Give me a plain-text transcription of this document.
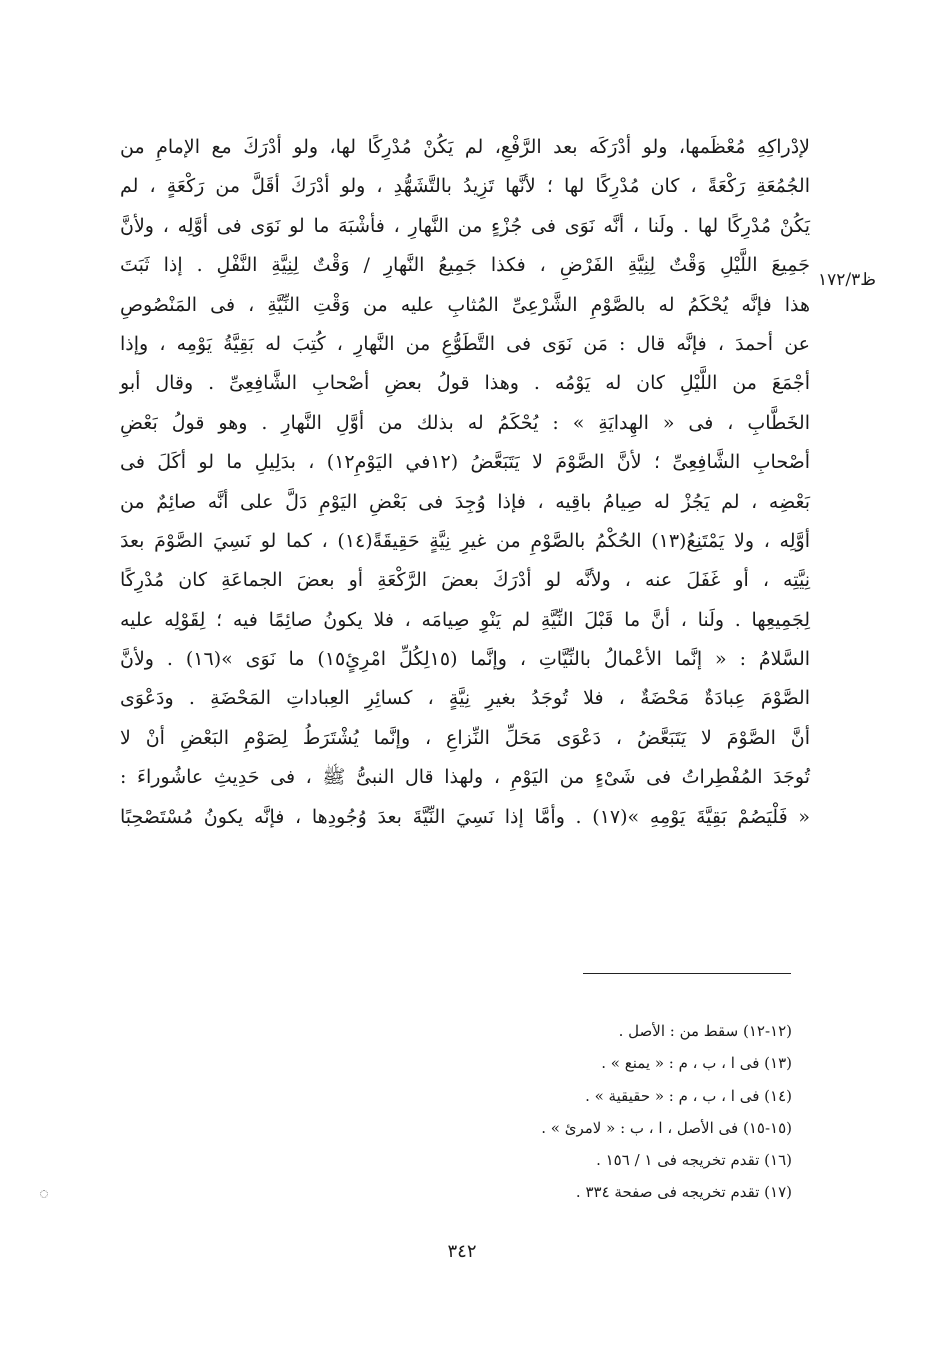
ظ١٧٢/٣
لإدْراكِهِ مُعْظَمها، ولو أدْرَكَه بعد الرَّفْعِ، لم يَكُنْ مُدْرِكًا لها، ولو أدْرَكَ مع الإمامِ من
الجُمُعَةِ رَكْعَةً ، كان مُدْرِكًا لها ؛ لأنَّها تَزِيدُ بالتَّشَهُّدِ ، ولو أدْرَكَ أقَلَّ من رَكْعَةٍ ، لم
يَكُنْ مُدْرِكًا لها . ولَنا ، أنَّه نَوَى فى جُزْءٍ من النَّهارِ ، فأشْبَهَ ما لو نَوَى فى أوَّلِه ، ولأنَّ
جَمِيعَ اللَّيْلِ وَقْتٌ لِنِيَّةِ الفَرْضِ ، فكذا جَمِيعُ النَّهارِ / وَقْتٌ لِنِيَّةِ النَّفْلِ . إذا ثَبَتَ
هذا فإنَّه يُحْكَمُ له بالصَّوْمِ الشَّرْعِىِّ المُثابِ عليه من وَقْتِ النِّيَّةِ ، فى المَنْصُوصِ
عن أحمدَ ، فإنَّه قال : مَن نَوَى فى التَّطَوُّعِ من النَّهارِ ، كُتِبَ له بَقِيَّةُ يَوْمِه ، وإذا
أجْمَعَ من اللَّيْلِ كان له يَوْمُه . وهذا قولُ بعضِ أصْحابِ الشَّافِعِىِّ . وقال أبو
الخَطَّابِ ، فى « الهِدايَةِ » : يُحْكَمُ له بذلك من أوَّلِ النَّهارِ . وهو قولُ بَعْضِ
أصْحابِ الشَّافِعِىِّ ؛ لأنَّ الصَّوْمَ لا يَتَبَعَّضُ (١٢في اليَوْمِ١٢) ، بدَلِيلِ ما لو أكَلَ فى
بَعْضِه ، لم يَجُزْ له صِيامُ باقِيه ، فإذا وُجِدَ فى بَعْضِ اليَوْمِ دَلَّ على أنَّه صائِمٌ من
أوَّلِه ، ولا يَمْتَنِعُ(١٣) الحُكْمُ بالصَّوْمِ من غيرِ نِيَّةٍ حَقِيقَةً(١٤) ، كما لو نَسِيَ الصَّوْمَ بعدَ
نِيَّتِه ، أو غَفَلَ عنه ، ولأنَّه لو أدْرَكَ بعضَ الرَّكْعَةِ أو بعضَ الجماعَةِ كان مُدْرِكًا
لِجَمِيعِها . ولَنا ، أنَّ ما قَبْلَ النِّيَّةِ لم يَنْوِ صِيامَه ، فلا يكونُ صائِمًا فيه ؛ لِقَوْلِه عليه
السَّلامُ : « إنَّما الأعْمالُ بالنِّيَّاتِ ، وإنَّما (١٥لِكُلِّ امْرِئٍ١٥) ما نَوَى »(١٦) . ولأنَّ
الصَّوْمَ عِبادَةٌ مَحْضَةٌ ، فلا تُوجَدُ بغيرِ نِيَّةٍ ، كسائِرِ العِباداتِ المَحْضَةِ . ودَعْوَى
أنَّ الصَّوْمَ لا يَتَبَعَّضُ ، دَعْوَى مَحَلِّ النِّزاعِ ، وإنَّما يُشْتَرَطُ لِصَوْمِ البَعْضِ أنْ لا
تُوجَدَ المُفْطِراتُ فى شَىْءٍ من اليَوْمِ ، ولهذا قال النبىُّ ﷺ ، فى حَدِيثِ عاشُوراءَ :
« فَلْيَصُمْ بَقِيَّةَ يَوْمِهِ »(١٧) . وأمَّا إذا نَسِيَ النِّيَّةَ بعدَ وُجُودِها ، فإنَّه يكونُ مُسْتَصْحِبًا
(١٢-١٢) سقط من : الأصل .
(١٣) فى ا ، ب ، م : « يمنع » .
(١٤) فى ا ، ب ، م : « حقيقية » .
(١٥-١٥) فى الأصل ، ا ، ب : « لامرئ » .
(١٦) تقدم تخريجه فى ١ / ١٥٦ .
(١٧) تقدم تخريجه فى صفحة ٣٣٤ .
٣٤٢
